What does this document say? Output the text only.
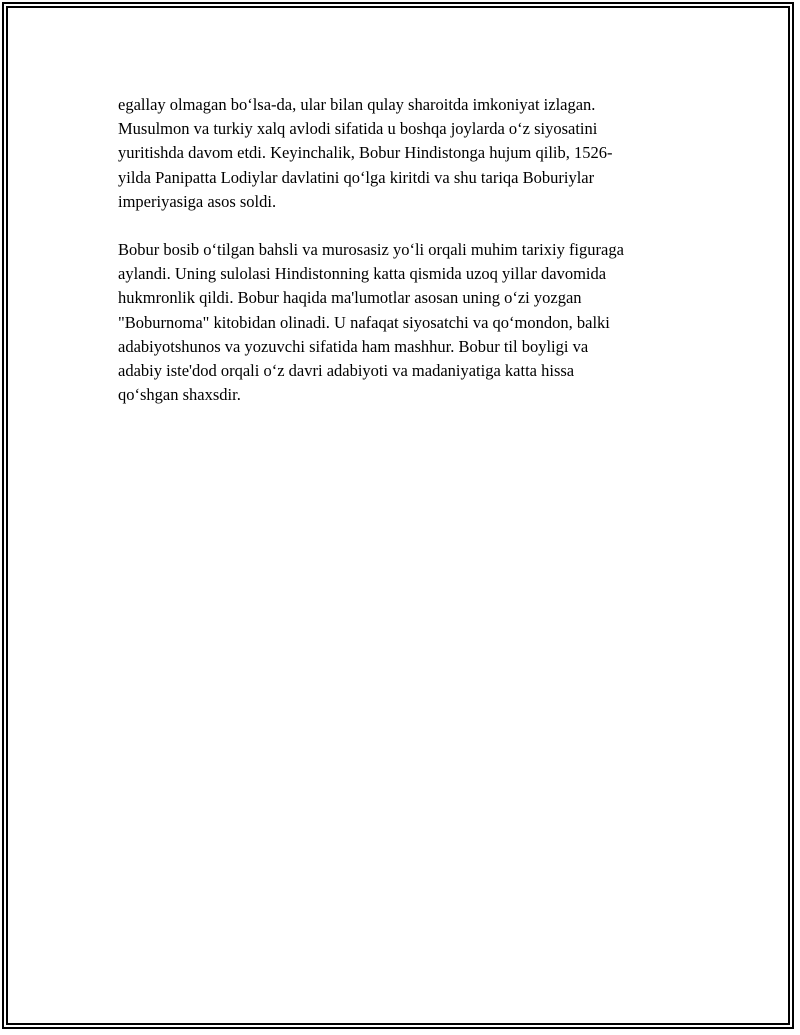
egallay olmagan bo‘lsa-da, ular bilan qulay sharoitda imkoniyat izlagan.
Musulmon va turkiy xalq avlodi sifatida u boshqa joylarda o‘z siyosatini
yuritishda davom etdi. Keyinchalik, Bobur Hindistonga hujum qilib, 1526-
yilda Panipatta Lodiylar davlatini qo‘lga kiritdi va shu tariqa Boburiylar
imperiyasiga asos soldi.

Bobur bosib o‘tilgan bahsli va murosasiz yo‘li orqali muhim tarixiy figuraga
aylandi. Uning sulolasi Hindistonning katta qismida uzoq yillar davomida
hukmronlik qildi. Bobur haqida ma'lumotlar asosan uning o‘zi yozgan
"Boburnoma" kitobidan olinadi. U nafaqat siyosatchi va qo‘mondon, balki
adabiyotshunos va yozuvchi sifatida ham mashhur. Bobur til boyligi va
adabiy iste'dod orqali o‘z davri adabiyoti va madaniyatiga katta hissa
qo‘shgan shaxsdir.
